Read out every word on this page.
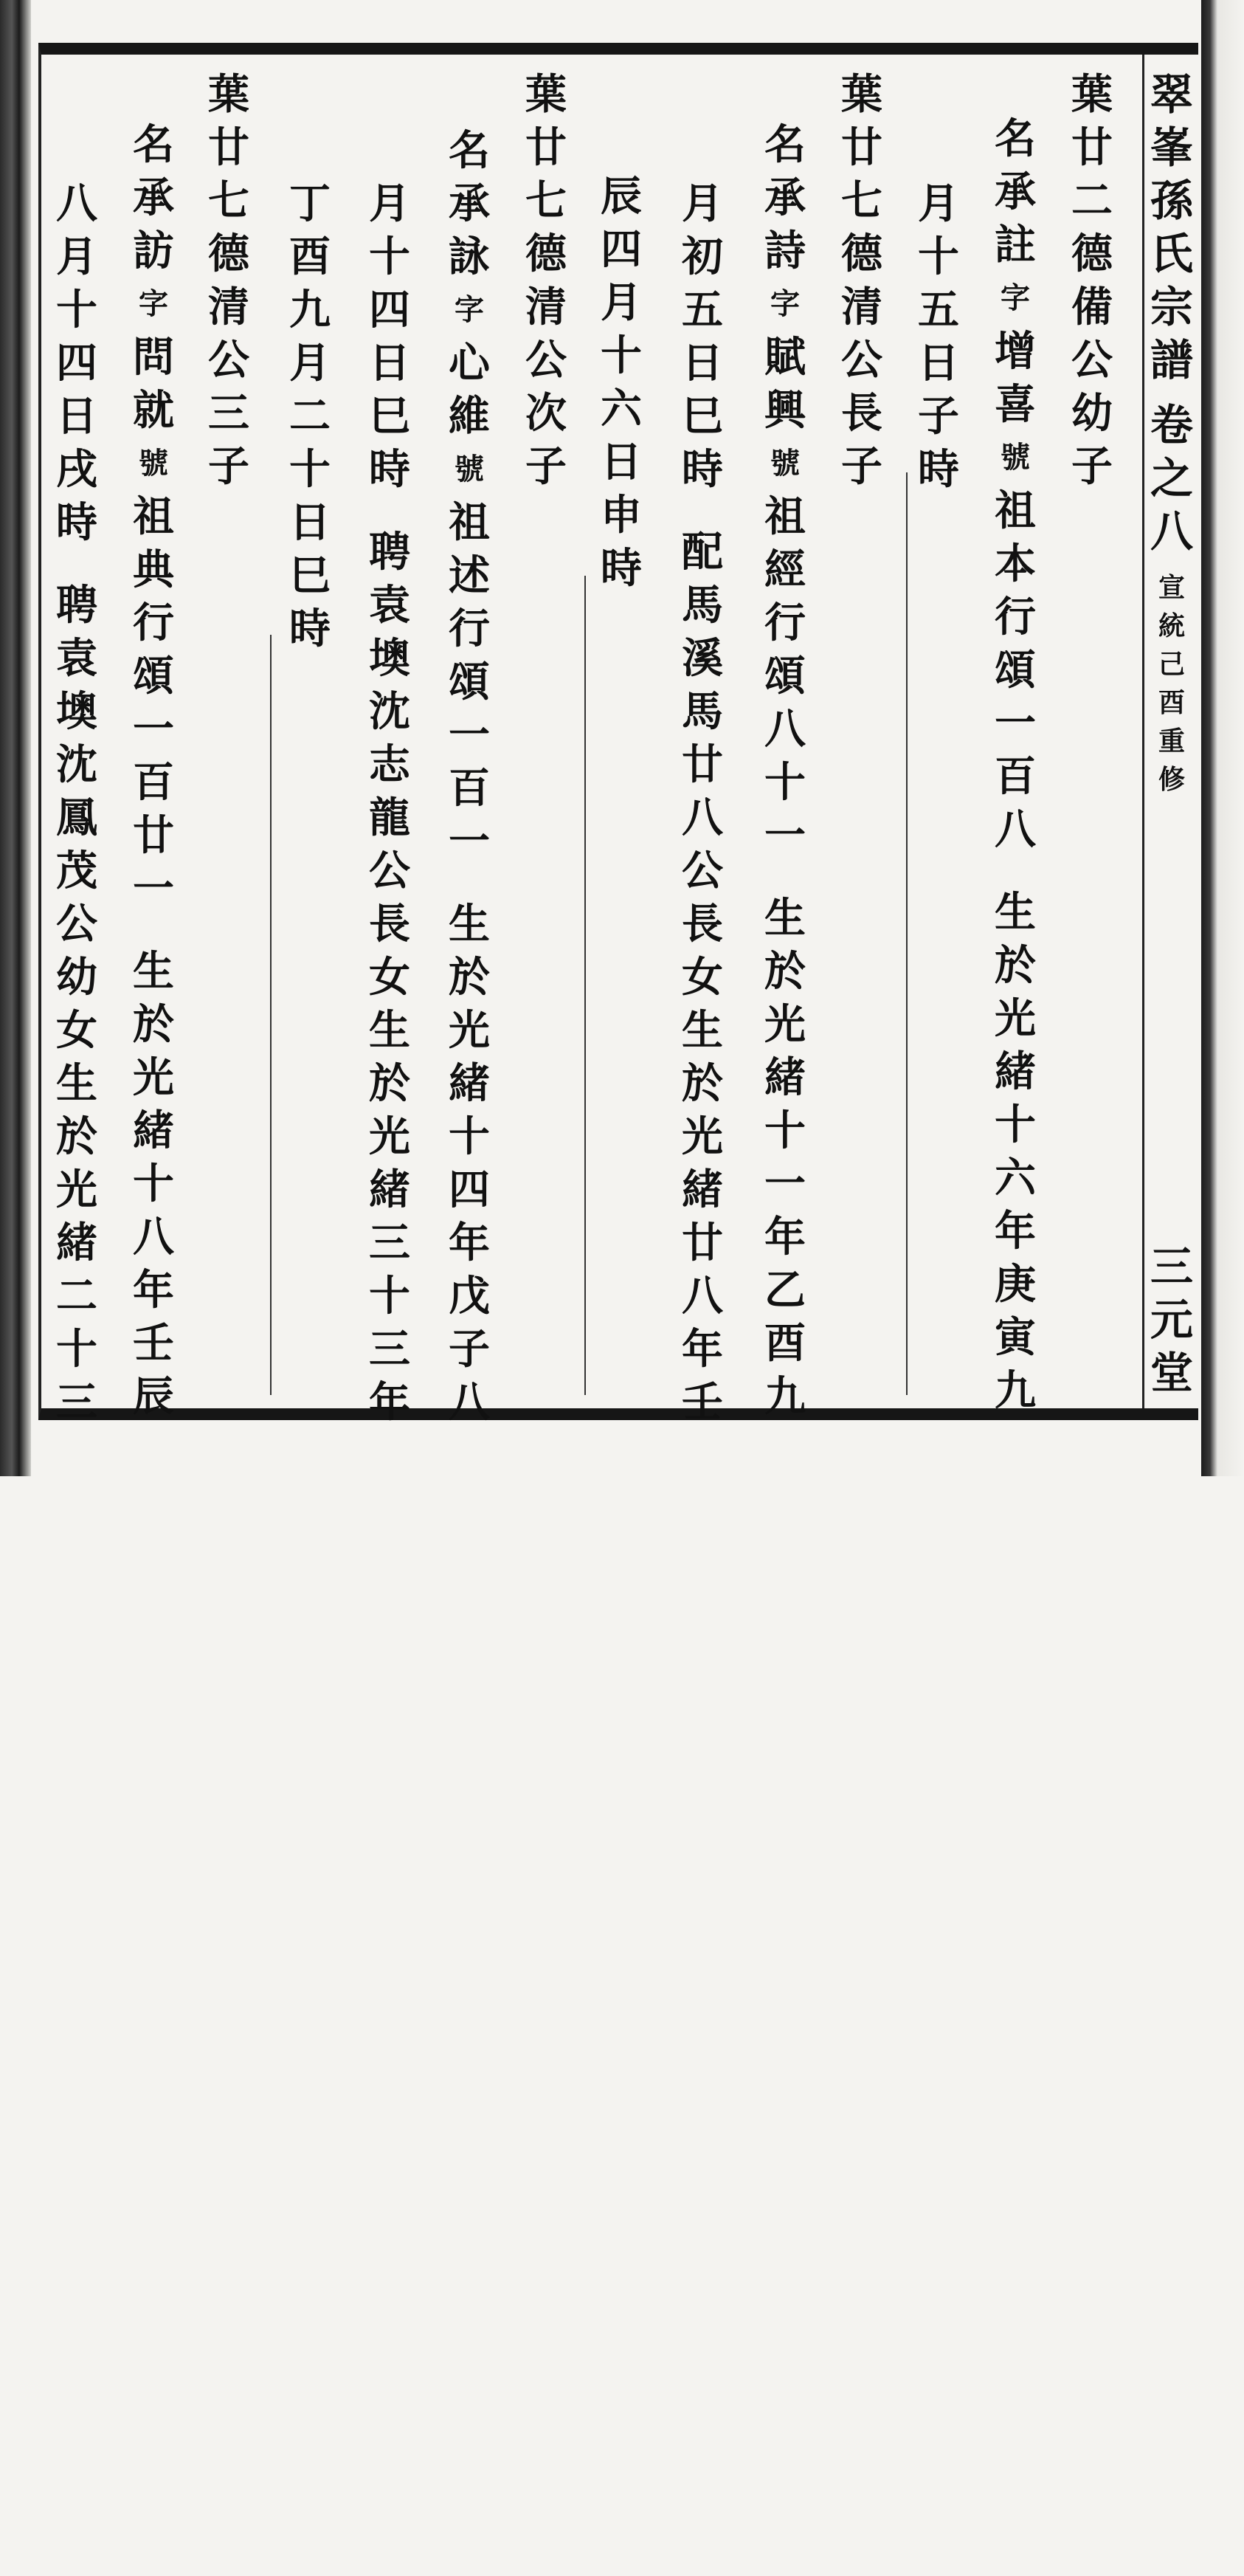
翠
峯
孫
氏
宗
譜
卷
之
八
宣
統
己
酉
重
修
三
元
堂
葉
廿
二
德
備
公
幼
子
名
承
註
字
增
喜
號
祖
本
行
頌
一
百
八
生
於
光
緒
十
六
年
庚
寅
九
月
十
五
日
子
時
葉
廿
七
德
清
公
長
子
名
承
詩
字
賦
興
號
祖
經
行
頌
八
十
一
生
於
光
緒
十
一
年
乙
酉
九
月
初
五
日
巳
時
配
馬
溪
馬
廿
八
公
長
女
生
於
光
緒
廿
八
年
壬
辰
四
月
十
六
日
申
時
葉
廿
七
德
清
公
次
子
名
承
詠
字
心
維
號
祖
述
行
頌
一
百
一
生
於
光
緒
十
四
年
戊
子
八
月
十
四
日
巳
時
聘
袁
墺
沈
志
龍
公
長
女
生
於
光
緒
三
十
三
年
丁
酉
九
月
二
十
日
巳
時
葉
廿
七
德
清
公
三
子
名
承
訪
字
問
就
號
祖
典
行
頌
一
百
廿
一
生
於
光
緒
十
八
年
壬
辰
八
月
十
四
日
戌
時
聘
袁
墺
沈
鳳
茂
公
幼
女
生
於
光
緒
二
十
三
